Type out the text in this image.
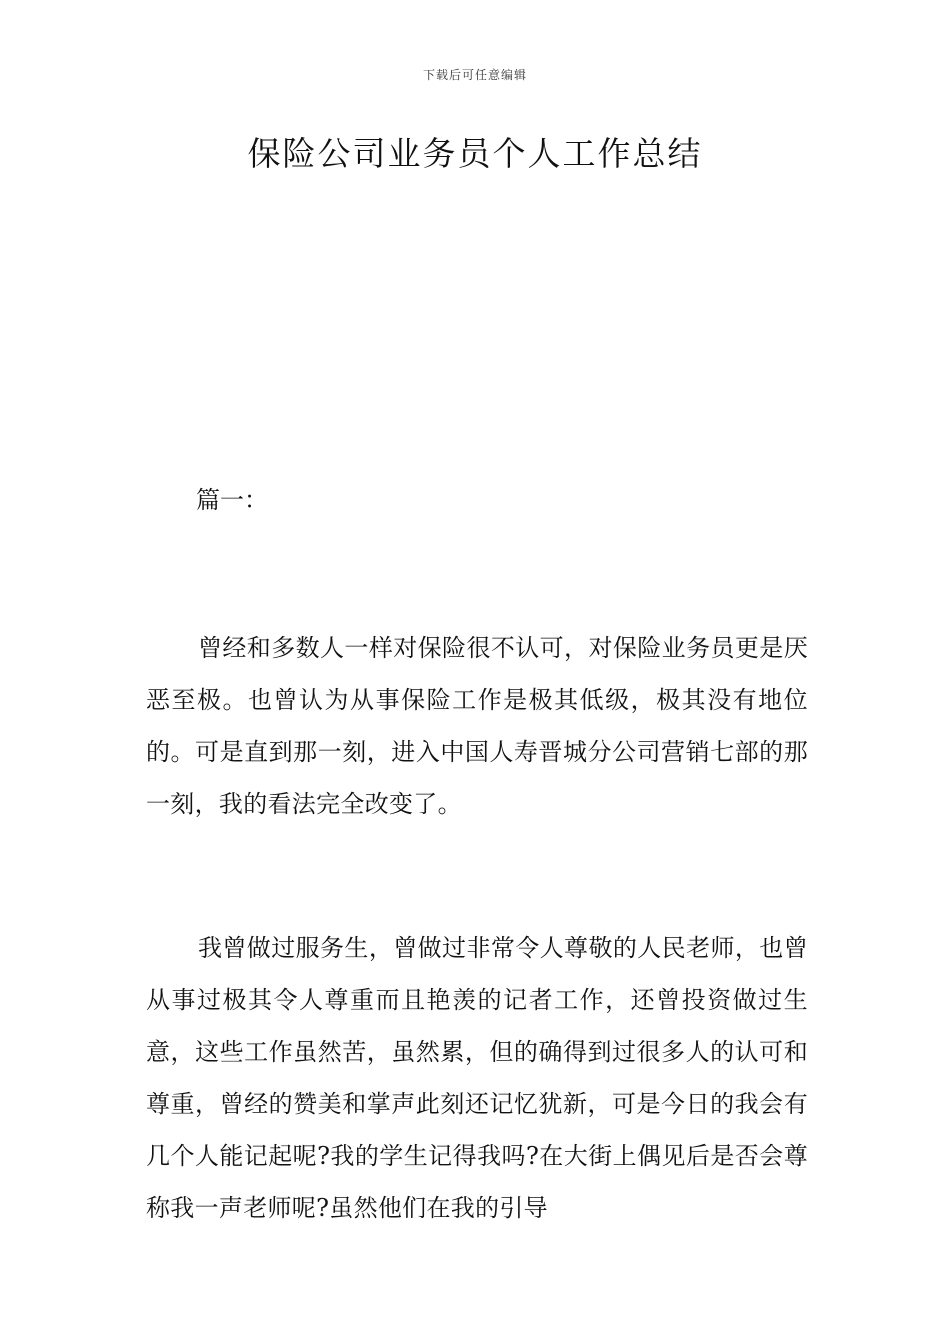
下载后可任意编辑
保险公司业务员个人工作总结

篇一：

曾经和多数人一样对保险很不认可，对保险业务员更是厌恶至极。也曾认为从事保险工作是极其低级，极其没有地位的。可是直到那一刻，进入中国人寿晋城分公司营销七部的那一刻，我的看法完全改变了。

我曾做过服务生，曾做过非常令人尊敬的人民老师，也曾从事过极其令人尊重而且艳羡的记者工作，还曾投资做过生意，这些工作虽然苦，虽然累，但的确得到过很多人的认可和尊重，曾经的赞美和掌声此刻还记忆犹新，可是今日的我会有几个人能记起呢?我的学生记得我吗?在大街上偶见后是否会尊称我一声老师呢?虽然他们在我的引导
